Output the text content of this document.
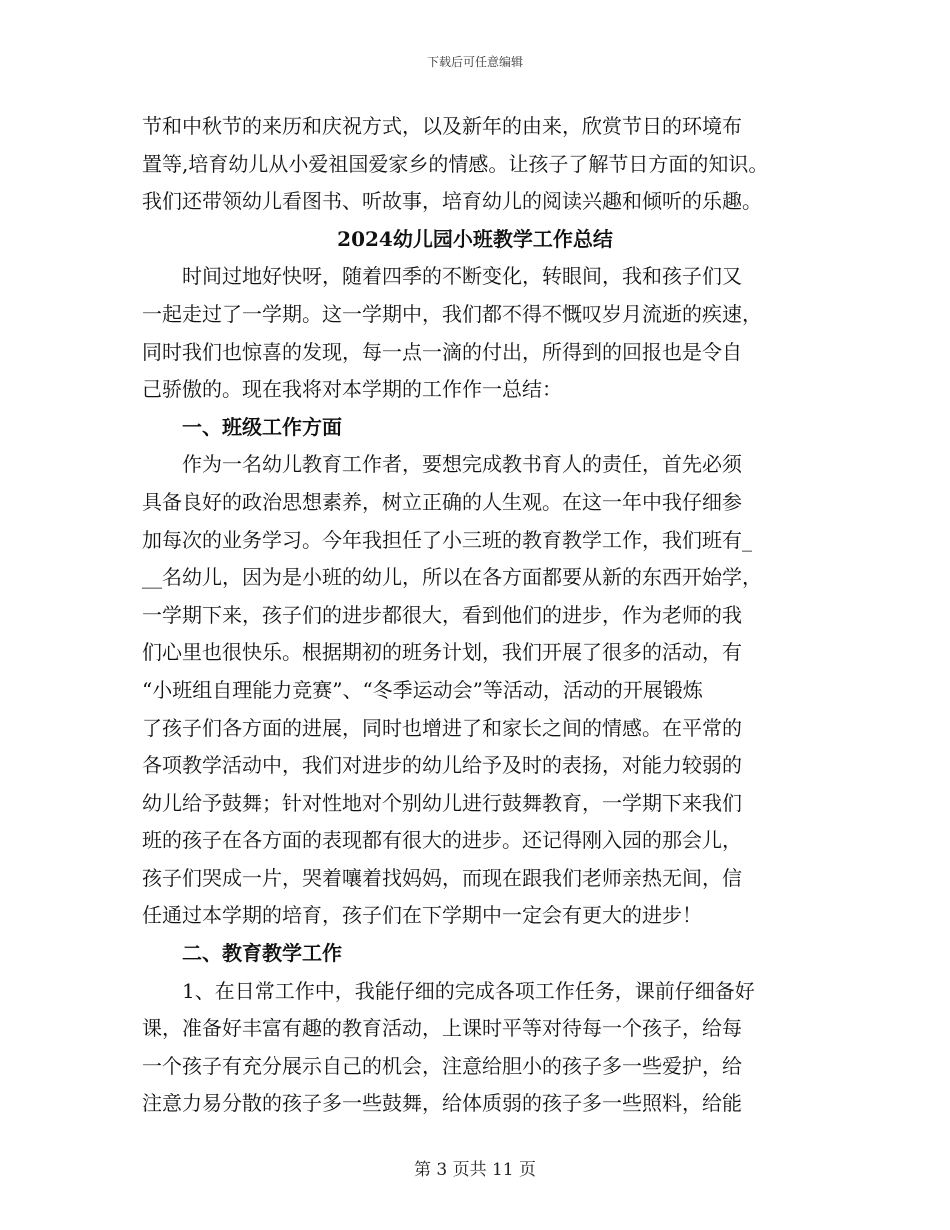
下载后可任意编辑
节和中秋节的来历和庆祝方式，以及新年的由来，欣赏节日的环境布
置等,培育幼儿从小爱祖国爱家乡的情感。让孩子了解节日方面的知识。
我们还带领幼儿看图书、听故事，培育幼儿的阅读兴趣和倾听的乐趣。
2024幼儿园小班教学工作总结
　　时间过地好快呀，随着四季的不断变化，转眼间，我和孩子们又
一起走过了一学期。这一学期中，我们都不得不慨叹岁月流逝的疾速，
同时我们也惊喜的发现，每一点一滴的付出，所得到的回报也是令自
己骄傲的。现在我将对本学期的工作作一总结：
　　一、班级工作方面
　　作为一名幼儿教育工作者，要想完成教书育人的责任，首先必须
具备良好的政治思想素养，树立正确的人生观。在这一年中我仔细参
加每次的业务学习。今年我担任了小三班的教育教学工作，我们班有_
__名幼儿，因为是小班的幼儿，所以在各方面都要从新的东西开始学，
一学期下来，孩子们的进步都很大，看到他们的进步，作为老师的我
们心里也很快乐。根据期初的班务计划，我们开展了很多的活动，有
“小班组自理能力竞赛”、“冬季运动会”等活动，活动的开展锻炼
了孩子们各方面的进展，同时也增进了和家长之间的情感。在平常的
各项教学活动中，我们对进步的幼儿给予及时的表扬，对能力较弱的
幼儿给予鼓舞；针对性地对个别幼儿进行鼓舞教育，一学期下来我们
班的孩子在各方面的表现都有很大的进步。还记得刚入园的那会儿，
孩子们哭成一片，哭着嚷着找妈妈，而现在跟我们老师亲热无间，信
任通过本学期的培育，孩子们在下学期中一定会有更大的进步！
　　二、教育教学工作
　　1、在日常工作中，我能仔细的完成各项工作任务，课前仔细备好
课，准备好丰富有趣的教育活动，上课时平等对待每一个孩子，给每
一个孩子有充分展示自己的机会，注意给胆小的孩子多一些爱护，给
注意力易分散的孩子多一些鼓舞，给体质弱的孩子多一些照料，给能
第 3 页共 11 页
